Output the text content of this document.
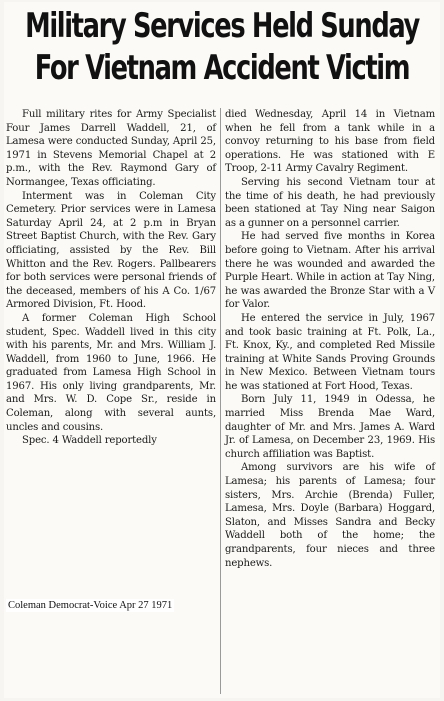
Military Services Held Sunday
For Vietnam Accident Victim

Full military rites for Army Specialist Four James Darrell Waddell, 21, of Lamesa were conducted Sunday, April 25, 1971 in Stevens Memorial Chapel at 2 p.m., with the Rev. Raymond Gary of Normangee, Texas officiating.

Interment was in Coleman City Cemetery. Prior services were in Lamesa Saturday April 24, at 2 p.m in Bryan Street Baptist Church, with the Rev. Gary officiating, assisted by the Rev. Bill Whitton and the Rev. Rogers. Pallbearers for both services were personal friends of the deceased, members of his A Co. 1/67 Armored Division, Ft. Hood.

A former Coleman High School student, Spec. Waddell lived in this city with his parents, Mr. and Mrs. William J. Waddell, from 1960 to June, 1966. He graduated from Lamesa High School in 1967. His only living grandparents, Mr. and Mrs. W. D. Cope Sr., reside in Coleman, along with several aunts, uncles and cousins.

Spec. 4 Waddell reportedly

died Wednesday, April 14 in Vietnam when he fell from a tank while in a convoy returning to his base from field operations. He was stationed with E Troop, 2-11 Army Cavalry Regiment.

Serving his second Vietnam tour at the time of his death, he had previously been stationed at Tay Ning near Saigon as a gunner on a personnel carrier.

He had served five months in Korea before going to Vietnam. After his arrival there he was wounded and awarded the Purple Heart. While in action at Tay Ning, he was awarded the Bronze Star with a V for Valor.

He entered the service in July, 1967 and took basic training at Ft. Polk, La., Ft. Knox, Ky., and completed Red Missile training at White Sands Proving Grounds in New Mexico. Between Vietnam tours he was stationed at Fort Hood, Texas.

Born July 11, 1949 in Odessa, he married Miss Brenda Mae Ward, daughter of Mr. and Mrs. James A. Ward Jr. of Lamesa, on December 23, 1969. His church affiliation was Baptist.

Among survivors are his wife of Lamesa; his parents of Lamesa; four sisters, Mrs. Archie (Brenda) Fuller, Lamesa, Mrs. Doyle (Barbara) Hoggard, Slaton, and Misses Sandra and Becky Waddell both of the home; the grandparents, four nieces and three nephews.

Coleman Democrat-Voice Apr 27 1971
